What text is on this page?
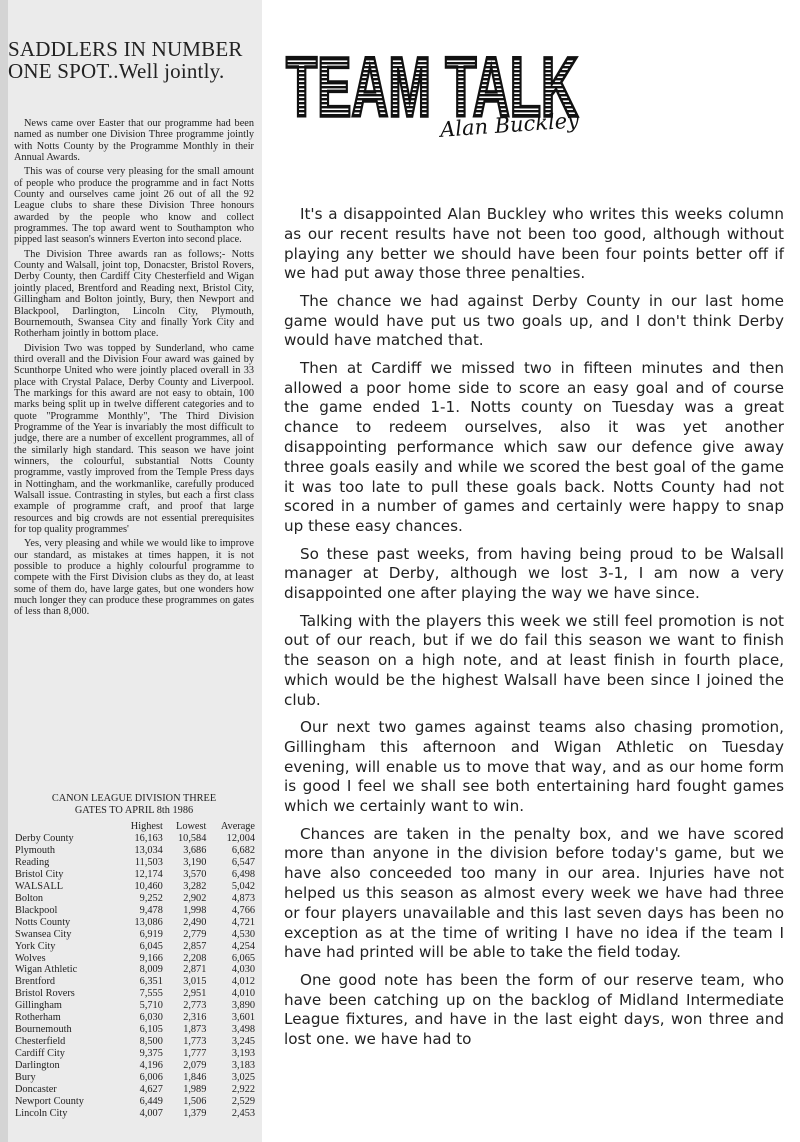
SADDLERS IN NUMBER ONE SPOT..Well jointly.

News came over Easter that our programme had been named as number one Division Three programme jointly with Notts County by the Programme Monthly in their Annual Awards.

This was of course very pleasing for the small amount of people who produce the programme and in fact Notts County and ourselves came joint 26 out of all the 92 League clubs to share these Division Three honours awarded by the people who know and collect programmes. The top award went to Southampton who pipped last season's winners Everton into second place.

The Division Three awards ran as follows;- Notts County and Walsall, joint top, Donacster, Bristol Rovers, Derby County, then Cardiff City Chesterfield and Wigan jointly placed, Brentford and Reading next, Bristol City, Gillingham and Bolton jointly, Bury, then Newport and Blackpool, Darlington, Lincoln City, Plymouth, Bournemouth, Swansea City and finally York City and Rotherham jointly in bottom place.

Division Two was topped by Sunderland, who came third overall and the Division Four award was gained by Scunthorpe United who were jointly placed overall in 33 place with Crystal Palace, Derby County and Liverpool. The markings for this award are not easy to obtain, 100 marks being split up in twelve different categories and to quote "Programme Monthly", 'The Third Division Programme of the Year is invariably the most difficult to judge, there are a number of excellent programmes, all of the similarly high standard. This season we have joint winners, the colourful, substantial Notts County programme, vastly improved from the Temple Press days in Nottingham, and the workmanlike, carefully produced Walsall issue. Contrasting in styles, but each a first class example of programme craft, and proof that large resources and big crowds are not essential prerequisites for top quality programmes'

Yes, very pleasing and while we would like to improve our standard, as mistakes at times happen, it is not possible to produce a highly colourful programme to compete with the First Division clubs as they do, at least some of them do, have large gates, but one wonders how much longer they can produce these programmes on gates of less than 8,000.

CANON LEAGUE DIVISION THREE
GATES TO APRIL 8th 1986
	Highest	Lowest	Average
Derby County	16,163	10,584	12,004
Plymouth	13,034	3,686	6,682
Reading	11,503	3,190	6,547
Bristol City	12,174	3,570	6,498
WALSALL	10,460	3,282	5,042
Bolton	9,252	2,902	4,873
Blackpool	9,478	1,998	4,766
Notts County	13,086	2,490	4,721
Swansea City	6,919	2,779	4,530
York City	6,045	2,857	4,254
Wolves	9,166	2,208	6,065
Wigan Athletic	8,009	2,871	4,030
Brentford	6,351	3,015	4,012
Bristol Rovers	7,555	2,951	4,010
Gillingham	5,710	2,773	3,890
Rotherham	6,030	2,316	3,601
Bournemouth	6,105	1,873	3,498
Chesterfield	8,500	1,773	3,245
Cardiff City	9,375	1,777	3,193
Darlington	4,196	2,079	3,183
Bury	6,006	1,846	3,025
Doncaster	4,627	1,989	2,922
Newport County	6,449	1,506	2,529
Lincoln City	4,007	1,379	2,453
TEAM TALK
Alan Buckley

It's a disappointed Alan Buckley who writes this weeks column as our recent results have not been too good, although without playing any better we should have been four points better off if we had put away those three penalties.

The chance we had against Derby County in our last home game would have put us two goals up, and I don't think Derby would have matched that.

Then at Cardiff we missed two in fifteen minutes and then allowed a poor home side to score an easy goal and of course the game ended 1-1. Notts county on Tuesday was a great chance to redeem ourselves, also it was yet another disappointing performance which saw our defence give away three goals easily and while we scored the best goal of the game it was too late to pull these goals back. Notts County had not scored in a number of games and certainly were happy to snap up these easy chances.

So these past weeks, from having being proud to be Walsall manager at Derby, although we lost 3-1, I am now a very disappointed one after playing the way we have since.

Talking with the players this week we still feel promotion is not out of our reach, but if we do fail this season we want to finish the season on a high note, and at least finish in fourth place, which would be the highest Walsall have been since I joined the club.

Our next two games against teams also chasing promotion, Gillingham this afternoon and Wigan Athletic on Tuesday evening, will enable us to move that way, and as our home form is good I feel we shall see both entertaining hard fought games which we certainly want to win.

Chances are taken in the penalty box, and we have scored more than anyone in the division before today's game, but we have also conceeded too many in our area. Injuries have not helped us this season as almost every week we have had three or four players unavailable and this last seven days has been no exception as at the time of writing I have no idea if the team I have had printed will be able to take the field today.

One good note has been the form of our reserve team, who have been catching up on the backlog of Midland Intermediate League fixtures, and have in the last eight days, won three and lost one. we have had to
